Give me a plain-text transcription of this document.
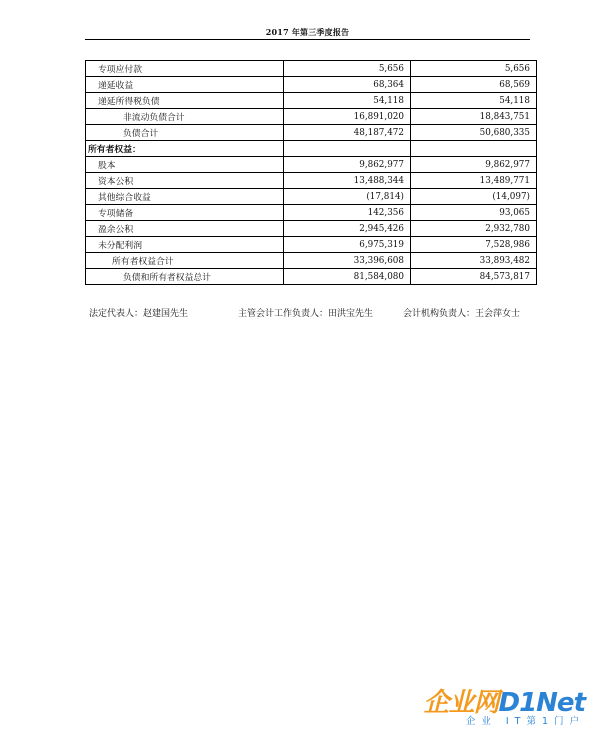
2017 年第三季度报告
专项应付款	5,656	5,656
递延收益	68,364	68,569
递延所得税负债	54,118	54,118
非流动负债合计	16,891,020	18,843,751
负债合计	48,187,472	50,680,335
所有者权益：		
股本	9,862,977	9,862,977
资本公积	13,488,344	13,489,771
其他综合收益	(17,814)	(14,097)
专项储备	142,356	93,065
盈余公积	2,945,426	2,932,780
未分配利润	6,975,319	7,528,986
所有者权益合计	33,396,608	33,893,482
负债和所有者权益总计	81,584,080	84,573,817
法定代表人：赵建国先生	主管会计工作负责人：田洪宝先生	会计机构负责人：王会萍女士
企业网D1Net
企业 IT第1门户
